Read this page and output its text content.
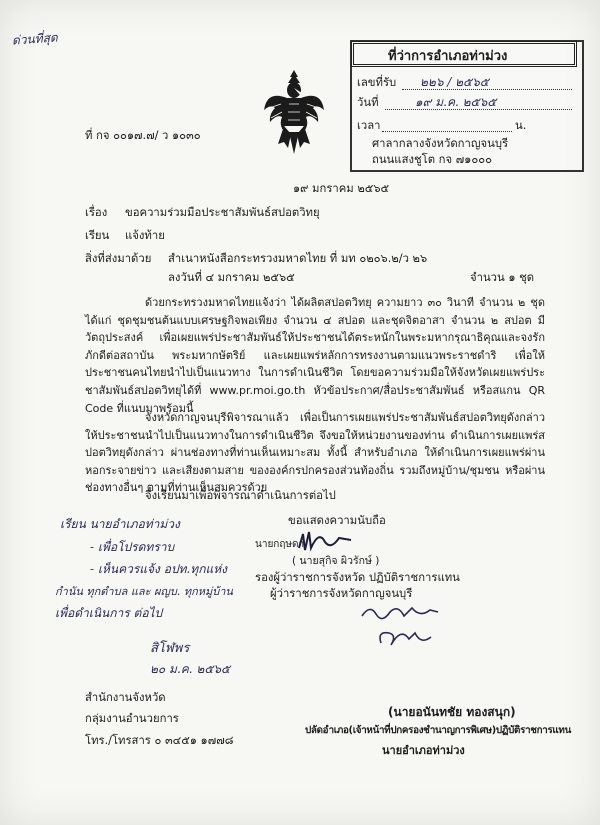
ด่วนที่สุด
ที่ว่าการอำเภอท่าม่วง
เลขที่รับ ๒๒๖ / ๒๕๖๕
วันที่	๑๙ ม.ค. ๒๕๖๕
เวลา	น.
ที่ กจ ๐๐๑๗.๗/ ว ๑๐๓๐
ศาลากลางจังหวัดกาญจนบุรี
ถนนแสงชูโต กจ ๗๑๐๐๐
๑๙ มกราคม ๒๕๖๕
เรื่อง ขอความร่วมมือประชาสัมพันธ์สปอตวิทยุ
เรียน แจ้งท้าย
สิ่งที่ส่งมาด้วย สำเนาหนังสือกระทรวงมหาดไทย ที่ มท ๐๒๐๖.๒/ว ๒๖
ลงวันที่ ๔ มกราคม ๒๕๖๕	จำนวน ๑ ชุด
ด้วยกระทรวงมหาดไทยแจ้งว่า ได้ผลิตสปอตวิทยุ ความยาว ๓๐ วินาที จำนวน ๒ ชุด ได้แก่ ชุดชุมชนต้นแบบเศรษฐกิจพอเพียง จำนวน ๔ สปอต และชุดจิตอาสา จำนวน ๒ สปอต มีวัตถุประสงค์ เพื่อเผยแพร่ประชาสัมพันธ์ให้ประชาชนได้ตระหนักในพระมหากรุณาธิคุณและจงรักภักดีต่อสถาบัน พระมหากษัตริย์ และเผยแพร่หลักการทรงงานตามแนวพระราชดำริ เพื่อให้ประชาชนคนไทยนำไปเป็นแนวทาง ในการดำเนินชีวิต โดยขอความร่วมมือให้จังหวัดเผยแพร่ประชาสัมพันธ์สปอตวิทยุได้ที่ www.pr.moi.go.th หัวข้อประกาศ/สื่อประชาสัมพันธ์ หรือสแกน QR Code ที่แนบมาพร้อมนี้
จังหวัดกาญจนบุรีพิจารณาแล้ว เพื่อเป็นการเผยแพร่ประชาสัมพันธ์สปอตวิทยุดังกล่าว ให้ประชาชนนำไปเป็นแนวทางในการดำเนินชีวิต จึงขอให้หน่วยงานของท่าน ดำเนินการเผยแพร่สปอตวิทยุดังกล่าว ผ่านช่องทางที่ท่านเห็นเหมาะสม ทั้งนี้ สำหรับอำเภอ ให้ดำเนินการเผยแพร่ผ่านหอกระจายข่าว และเสียงตามสาย ขององค์กรปกครองส่วนท้องถิ่น รวมถึงหมู่บ้าน/ชุมชน หรือผ่านช่องทางอื่นๆ ตามที่ท่านเห็นสมควรด้วย
จึงเรียนมาเพื่อพิจารณาดำเนินการต่อไป
ขอแสดงความนับถือ
นายกฤษดา
( นายสุกิจ ผิวรักษ์ )
รองผู้ว่าราชการจังหวัด ปฏิบัติราชการแทน
ผู้ว่าราชการจังหวัดกาญจนบุรี
เรียน นายอำเภอท่าม่วง
- เพื่อโปรดทราบ
- เห็นควรแจ้ง อปท.ทุกแห่ง
กำนัน ทุกตำบล และ ผญบ. ทุกหมู่บ้าน
เพื่อดำเนินการ ต่อไป
สิโฬพร
๒๐ ม.ค. ๒๕๖๕
สำนักงานจังหวัด
กลุ่มงานอำนวยการ
โทร./โทรสาร ๐ ๓๔๕๑ ๑๗๗๘
(นายอนันทชัย ทองสนุก)
ปลัดอำเภอ(เจ้าหน้าที่ปกครองชำนาญการพิเศษ)ปฏิบัติราชการแทน
นายอำเภอท่าม่วง
